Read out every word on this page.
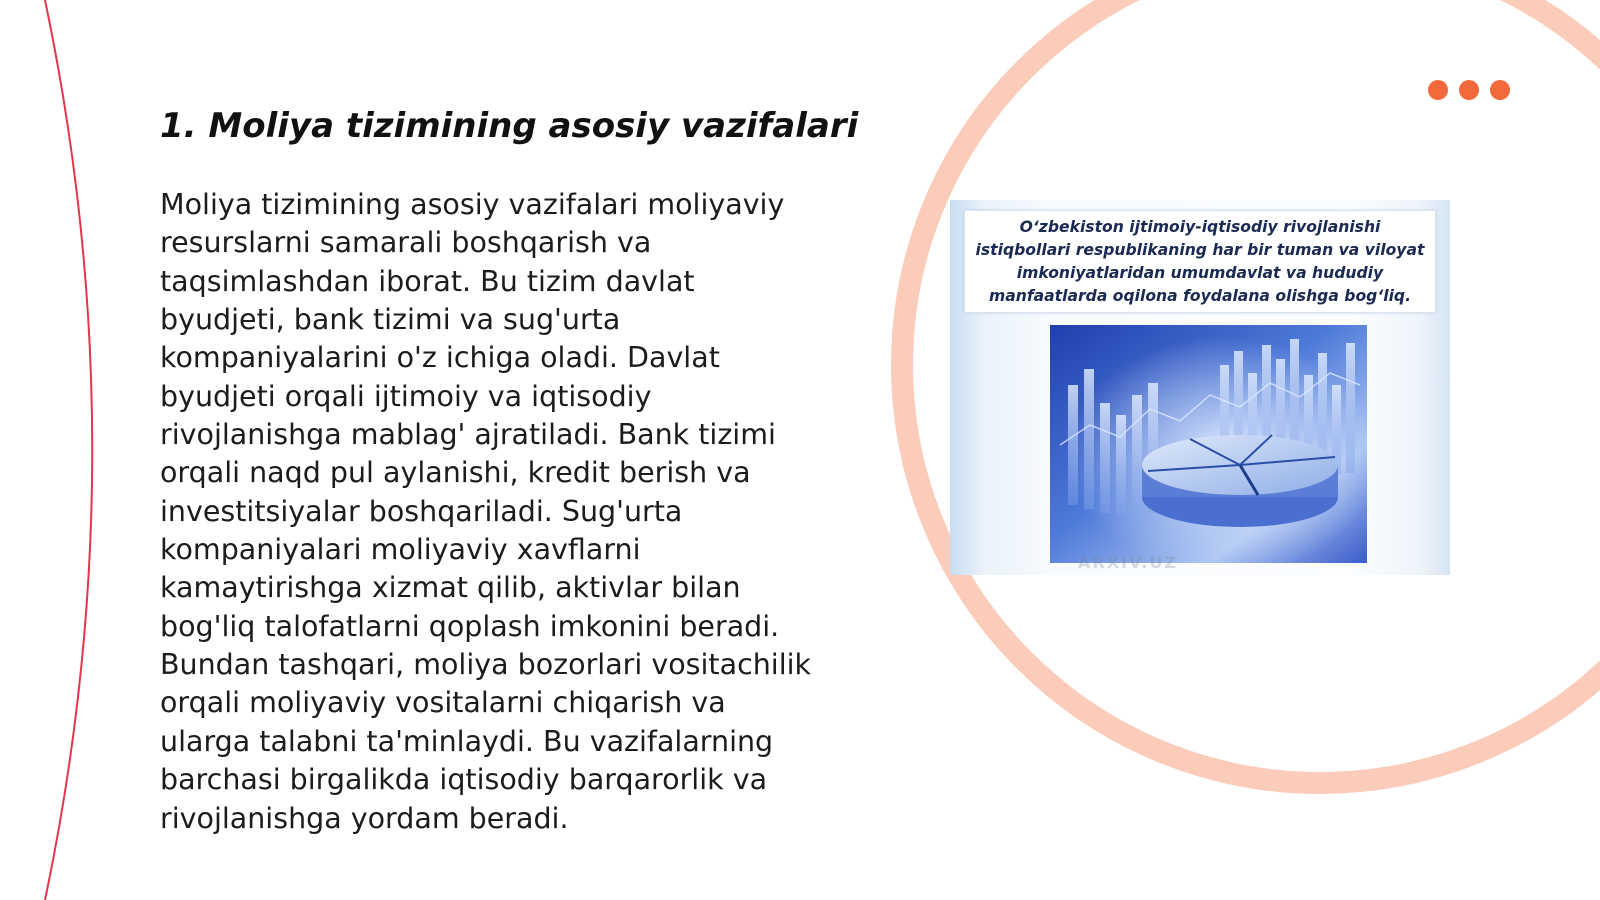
1. Moliya tizimining asosiy vazifalari

Moliya tizimining asosiy vazifalari moliyaviy resurslarni samarali boshqarish va taqsimlashdan iborat. Bu tizim davlat byudjeti, bank tizimi va sug'urta kompaniyalarini o'z ichiga oladi. Davlat byudjeti orqali ijtimoiy va iqtisodiy rivojlanishga mablag' ajratiladi. Bank tizimi orqali naqd pul aylanishi, kredit berish va investitsiyalar boshqariladi. Sug'urta kompaniyalari moliyaviy xavflarni kamaytirishga xizmat qilib, aktivlar bilan bog'liq talofatlarni qoplash imkonini beradi. Bundan tashqari, moliya bozorlari vositachilik orqali moliyaviy vositalarni chiqarish va ularga talabni ta'minlaydi. Bu vazifalarning barchasi birgalikda iqtisodiy barqarorlik va rivojlanishga yordam beradi.

O‘zbekiston ijtimoiy-iqtisodiy rivojlanishi istiqbollari respublikaning har bir tuman va viloyat imkoniyatlaridan umumdavlat va hududiy manfaatlarda oqilona foydalana olishga bog‘liq.

ARXIV.UZ
